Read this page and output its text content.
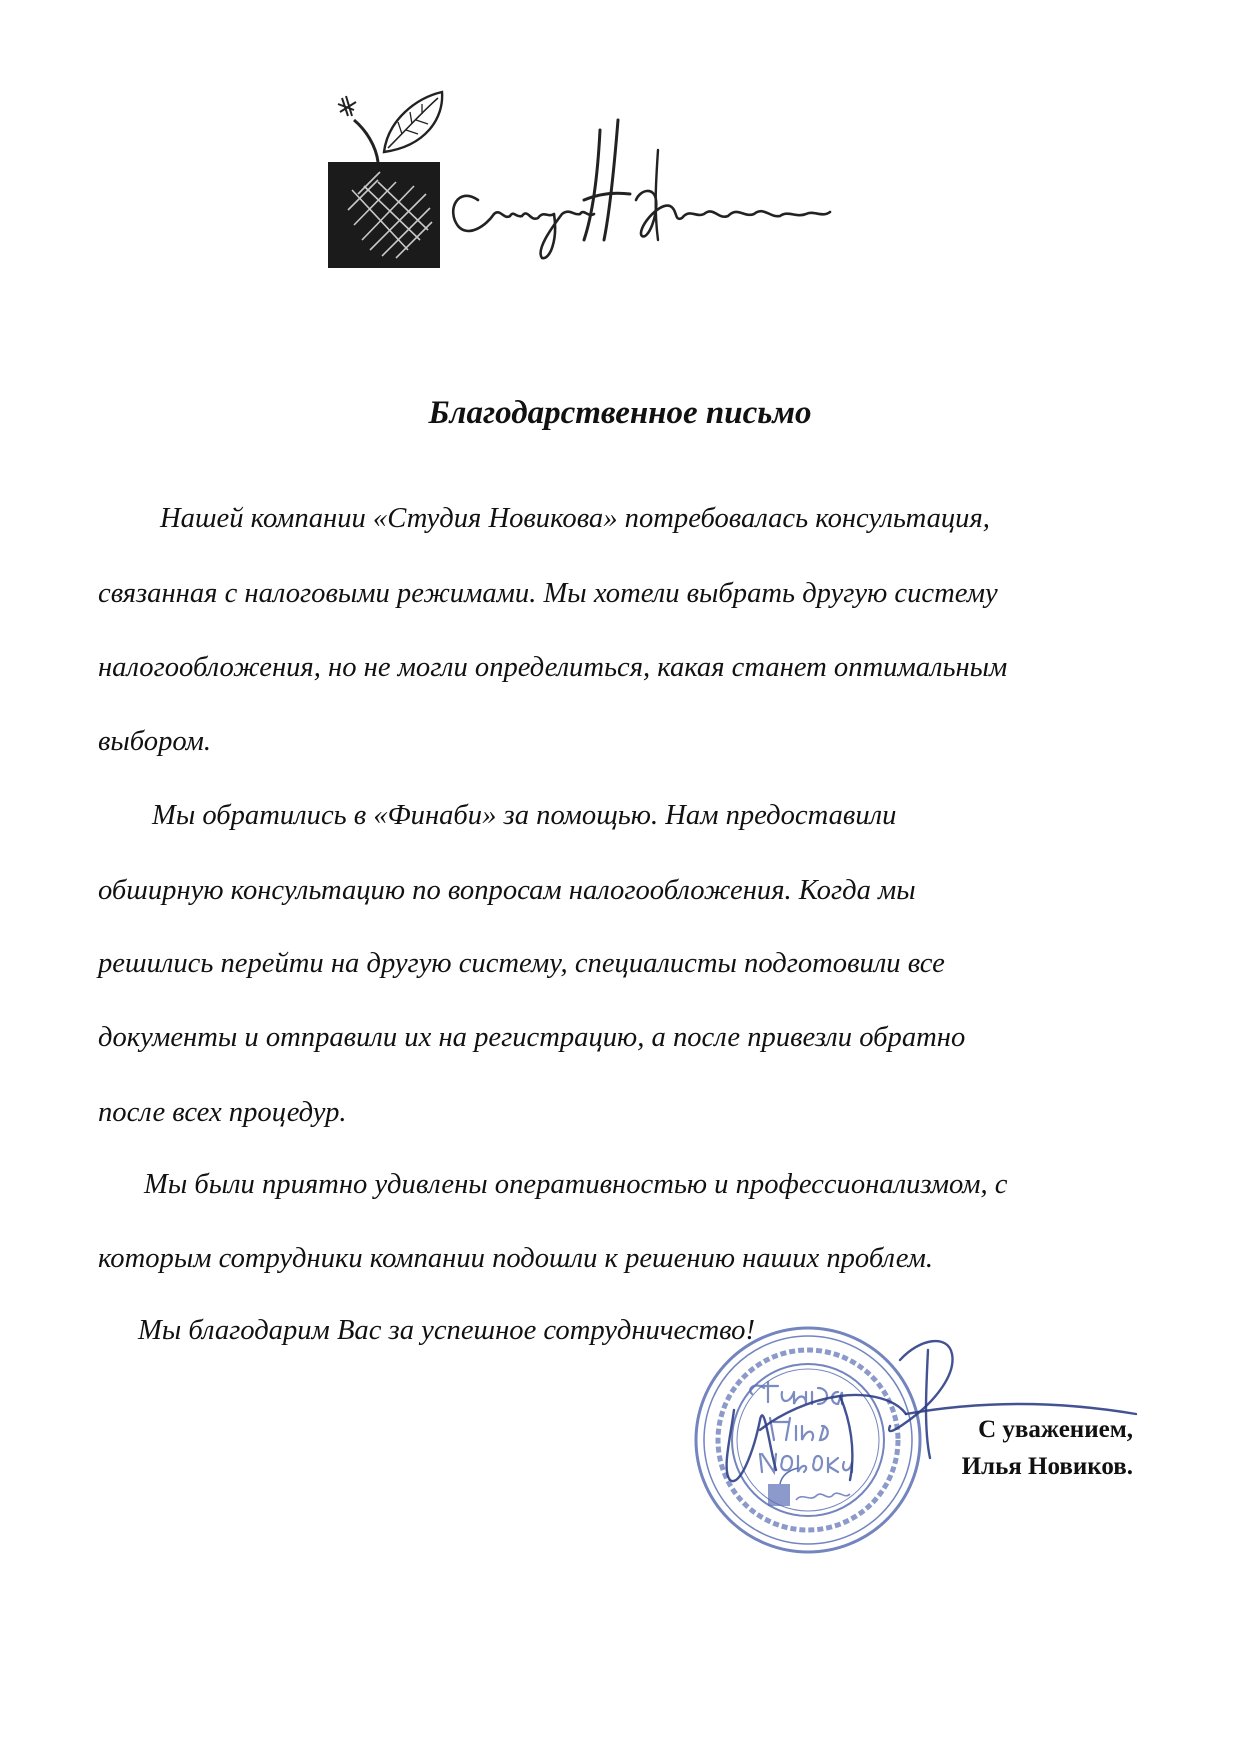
Благодарственное письмо

Нашей компании «Студия Новикова» потребовалась консультация,

связанная с налоговыми режимами. Мы хотели выбрать другую систему

налогообложения, но не могли определиться, какая станет оптимальным

выбором.

Мы обратились в «Финаби» за помощью. Нам предоставили

обширную консультацию по вопросам налогообложения. Когда мы

решились перейти на другую систему, специалисты подготовили все

документы и отправили их на регистрацию, а после привезли обратно

после всех процедур.

Мы были приятно удивлены оперативностью и профессионализмом, с

которым сотрудники компании подошли к решению наших проблем.

Мы благодарим Вас за успешное сотрудничество!

С уважением,
Илья Новиков.
